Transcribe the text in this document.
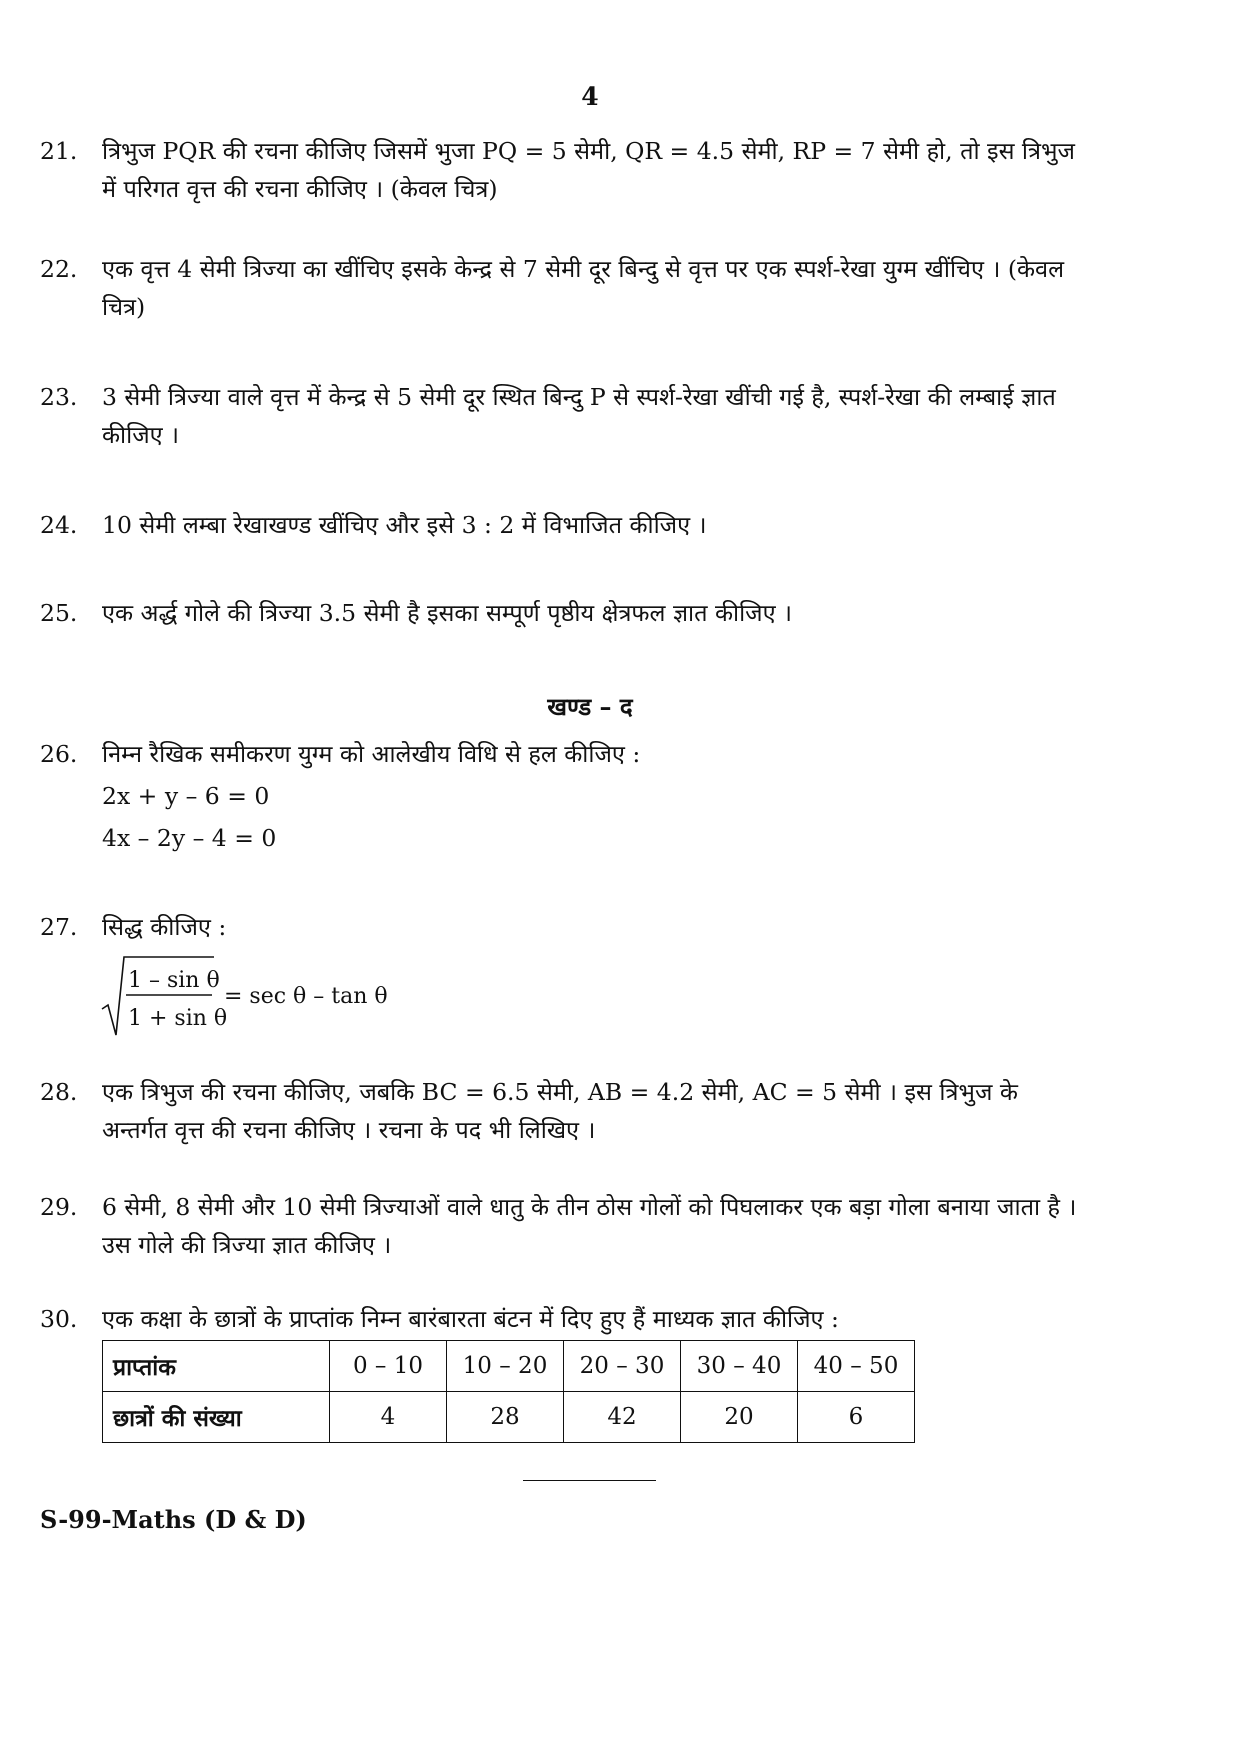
4
21.	त्रिभुज PQR की रचना कीजिए जिसमें भुजा PQ = 5 सेमी, QR = 4.5 सेमी, RP = 7 सेमी हो, तो इस त्रिभुज में परिगत वृत्त की रचना कीजिए । (केवल चित्र)
22.	एक वृत्त 4 सेमी त्रिज्या का खींचिए इसके केन्द्र से 7 सेमी दूर बिन्दु से वृत्त पर एक स्पर्श-रेखा युग्म खींचिए । (केवल चित्र)
23.	3 सेमी त्रिज्या वाले वृत्त में केन्द्र से 5 सेमी दूर स्थित बिन्दु P से स्पर्श-रेखा खींची गई है, स्पर्श-रेखा की लम्बाई ज्ञात कीजिए ।
24.	10 सेमी लम्बा रेखाखण्ड खींचिए और इसे 3 : 2 में विभाजित कीजिए ।
25.	एक अर्द्ध गोले की त्रिज्या 3.5 सेमी है इसका सम्पूर्ण पृष्ठीय क्षेत्रफल ज्ञात कीजिए ।
खण्ड – द
26.	निम्न रैखिक समीकरण युग्म को आलेखीय विधि से हल कीजिए :
2x + y – 6 = 0
4x – 2y – 4 = 0
27.	सिद्ध कीजिए :
1 – sin θ
1 + sin θ
= sec θ – tan θ
28.	एक त्रिभुज की रचना कीजिए, जबकि BC = 6.5 सेमी, AB = 4.2 सेमी, AC = 5 सेमी । इस त्रिभुज के अन्तर्गत वृत्त की रचना कीजिए । रचना के पद भी लिखिए ।
29.	6 सेमी, 8 सेमी और 10 सेमी त्रिज्याओं वाले धातु के तीन ठोस गोलों को पिघलाकर एक बड़ा गोला बनाया जाता है । उस गोले की त्रिज्या ज्ञात कीजिए ।
30.	एक कक्षा के छात्रों के प्राप्तांक निम्न बारंबारता बंटन में दिए हुए हैं माध्यक ज्ञात कीजिए :
प्राप्तांक	0 – 10	10 – 20	20 – 30	30 – 40	40 – 50
छात्रों की संख्या	4	28	42	20	6
S-99-Maths (D & D)
